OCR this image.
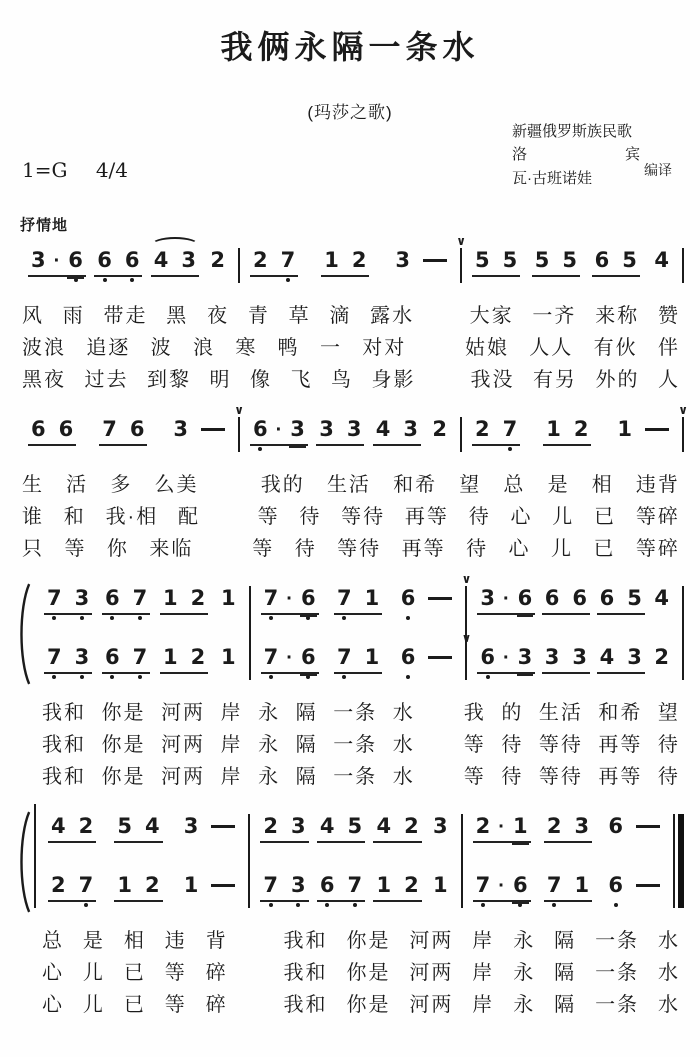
我俩永隔一条水
(玛莎之歌)
新疆俄罗斯族民歌
洛	宾
瓦·古班诺娃	编译
1=G 4/4
抒情地
3 · 6 6 6 4 3 2 2 7 1 2 3
∨
5 5 5 5 6 5 4
风 雨 带走 黑 夜 青 草 滴 露水	大家 一齐 来称 赞
波浪 追逐 波 浪 寒 鸭 一 对对	姑娘 人人 有伙 伴
黑夜 过去 到黎 明 像 飞 鸟 身影	我没 有另 外的 人
6 6 7 6 3
∨
6 · 3 3 3 4 3 2 2 7 1 2 1
∨
生 活 多 么美	我的 生活 和希 望 总 是 相 违背
谁 和 我·相 配	等 待 等待 再等 待 心 儿 已 等碎
只 等 你 来临	等 待 等待 再等 待 心 儿 已 等碎
7 3 6 7 1 2 1 7 · 6 7 1 6
∨
3 · 6 6 6 6 5 4
7 3 6 7 1 2 1 7 · 6 7 1 6
∨
6 · 3 3 3 4 3 2
我和 你是 河两 岸 永 隔 一条 水 我 的 生活 和希 望
我和 你是 河两 岸 永 隔 一条 水 等 待 等待 再等 待
我和 你是 河两 岸 永 隔 一条 水 等 待 等待 再等 待
4 2 5 4 3	2 3 4 5 4 2 3 2 · 1 2 3 6
2 7 1 2 1	7 3 6 7 1 2 1 7 · 6 7 1 6
总 是 相 违 背	我和 你是 河两 岸 永 隔 一条 水
心 儿 已 等 碎	我和 你是 河两 岸 永 隔 一条 水
心 儿 已 等 碎	我和 你是 河两 岸 永 隔 一条 水
